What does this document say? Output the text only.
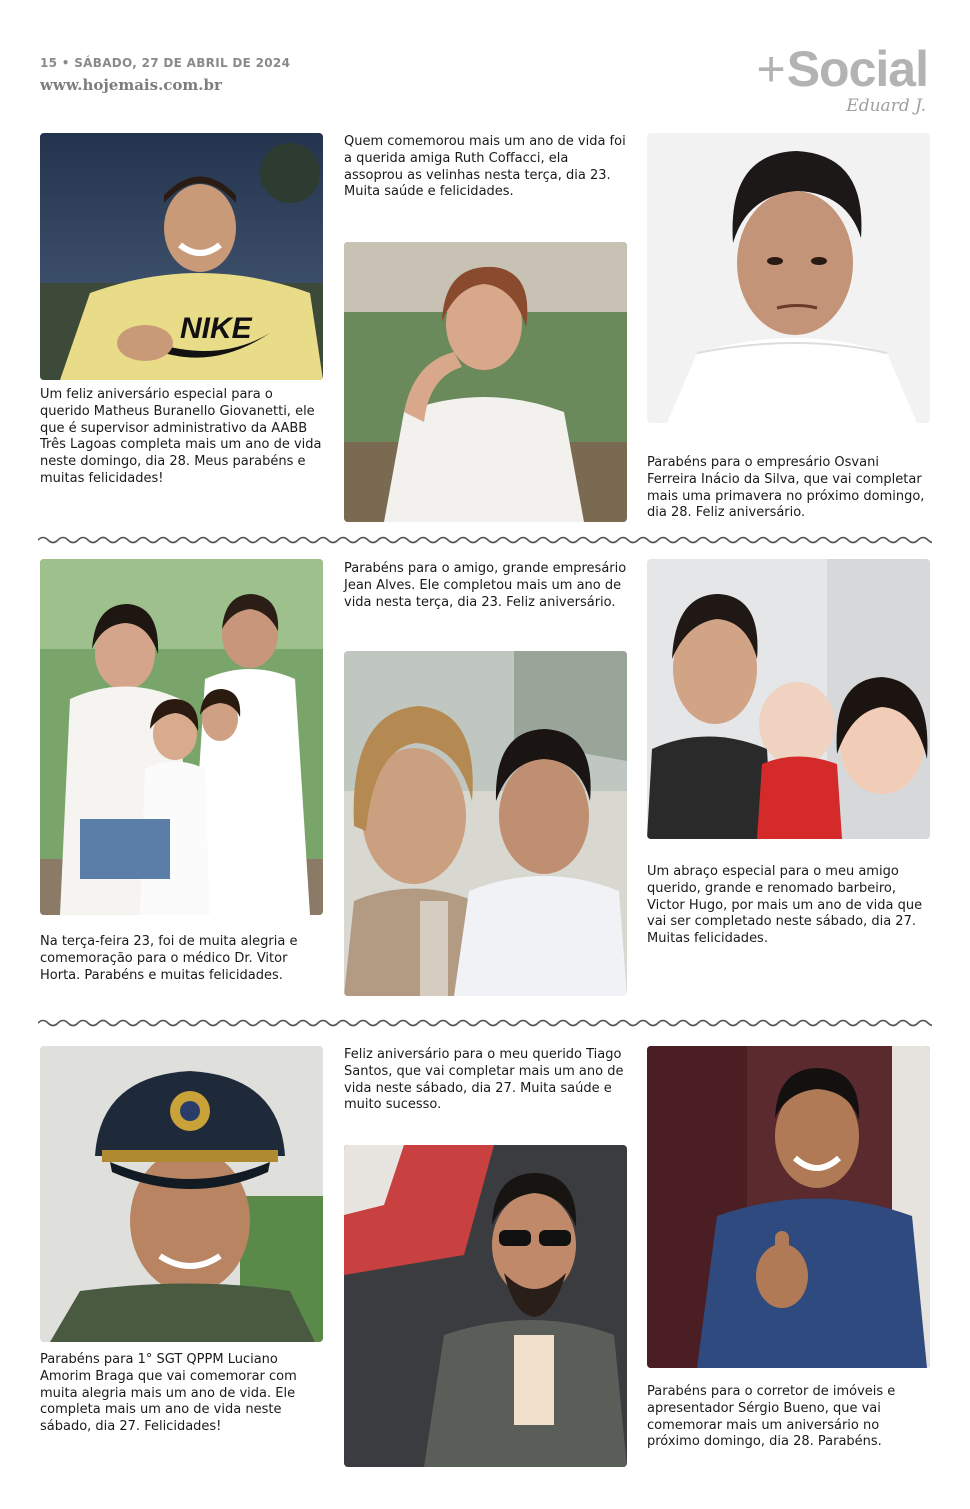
15 • SÁBADO, 27 DE ABRIL DE 2024
www.hojemais.com.br	+Social
Eduard J.
NIKE

Um feliz aniversário especial para o querido Matheus Buranello Giovanetti, ele que é supervisor administrativo da AABB Três Lagoas completa mais um ano de vida neste domingo, dia 28. Meus parabéns e muitas felicidades!

Quem comemorou mais um ano de vida foi a querida amiga Ruth Coffacci, ela assoprou as velinhas nesta terça, dia 23. Muita saúde e felicidades.

Parabéns para o empresário Osvani Ferreira Inácio da Silva, que vai completar mais uma primavera no próximo domingo, dia 28. Feliz aniversário.

Na terça-feira 23, foi de muita alegria e comemoração para o médico Dr. Vitor Horta. Parabéns e muitas felicidades.

Parabéns para o amigo, grande empresário Jean Alves. Ele completou mais um ano de vida nesta terça, dia 23. Feliz aniversário.

Um abraço especial para o meu amigo querido, grande e renomado barbeiro, Victor Hugo, por mais um ano de vida que vai ser completado neste sábado, dia 27. Muitas felicidades.

Parabéns para 1° SGT QPPM Luciano Amorim Braga que vai comemorar com muita alegria mais um ano de vida. Ele completa mais um ano de vida neste sábado, dia 27. Felicidades!

Feliz aniversário para o meu querido Tiago Santos, que vai completar mais um ano de vida neste sábado, dia 27. Muita saúde e muito sucesso.

Parabéns para o corretor de imóveis e apresentador Sérgio Bueno, que vai comemorar mais um aniversário no próximo domingo, dia 28. Parabéns.
